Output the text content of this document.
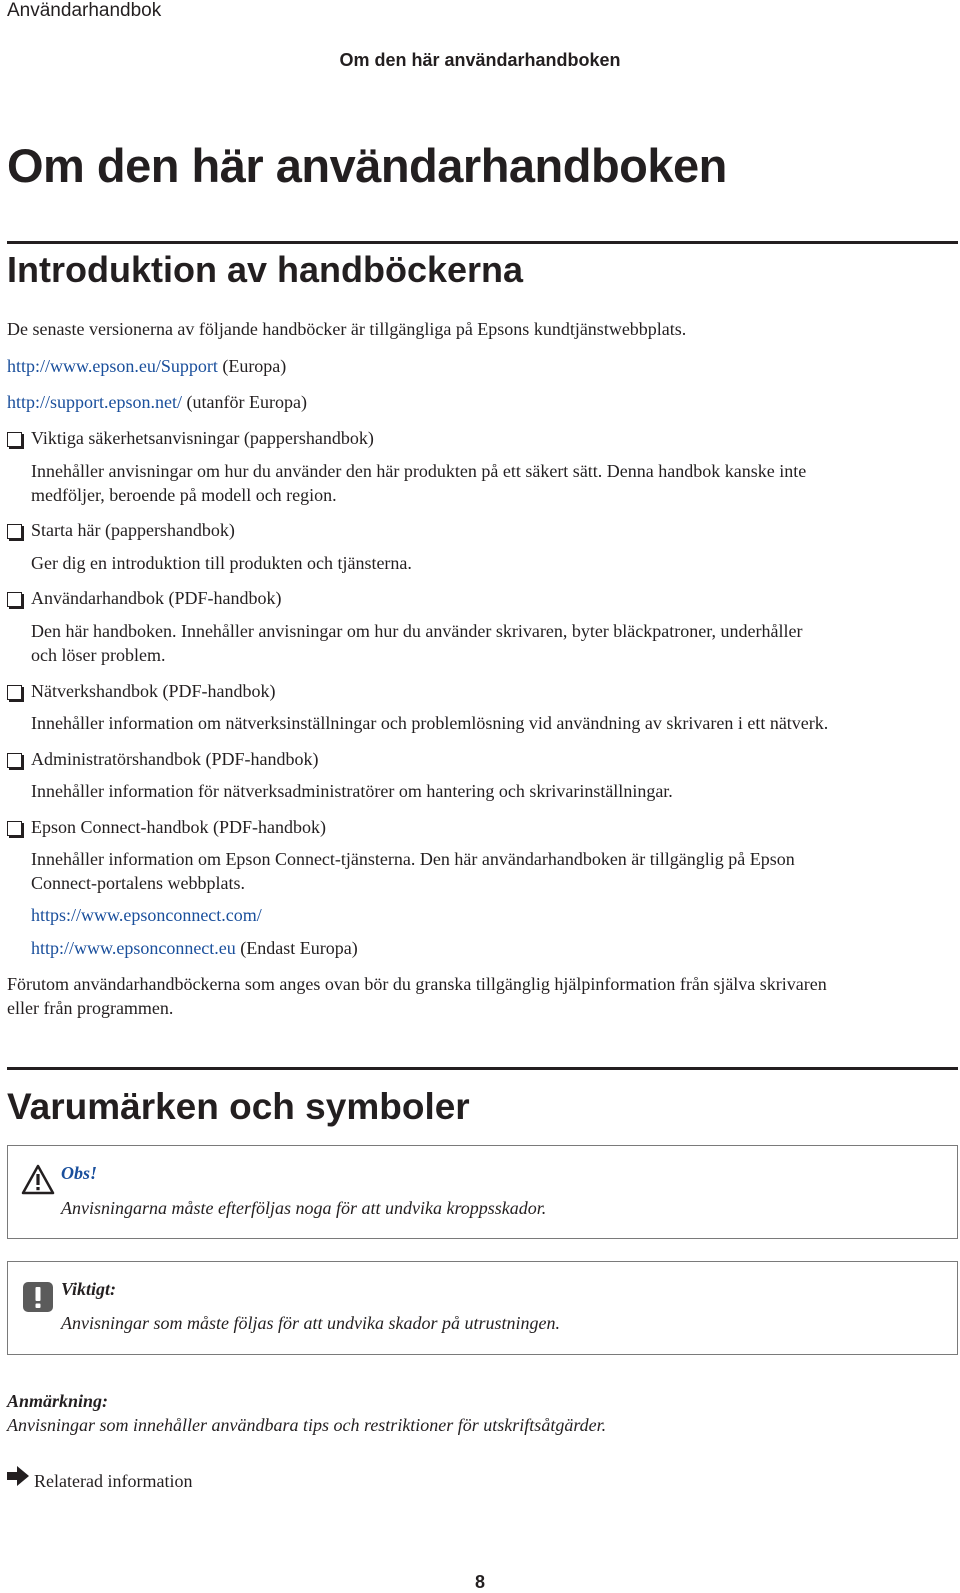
Användarhandbok
Om den här användarhandboken
Om den här användarhandboken
Introduktion av handböckerna
De senaste versionerna av följande handböcker är tillgängliga på Epsons kundtjänstwebbplats.
http://www.epson.eu/Support (Europa)
http://support.epson.net/ (utanför Europa)
Viktiga säkerhetsanvisningar (pappershandbok)
Innehåller anvisningar om hur du använder den här produkten på ett säkert sätt. Denna handbok kanske inte
medföljer, beroende på modell och region.
Starta här (pappershandbok)
Ger dig en introduktion till produkten och tjänsterna.
Användarhandbok (PDF-handbok)
Den här handboken. Innehåller anvisningar om hur du använder skrivaren, byter bläckpatroner, underhåller
och löser problem.
Nätverkshandbok (PDF-handbok)
Innehåller information om nätverksinställningar och problemlösning vid användning av skrivaren i ett nätverk.
Administratörshandbok (PDF-handbok)
Innehåller information för nätverksadministratörer om hantering och skrivarinställningar.
Epson Connect-handbok (PDF-handbok)
Innehåller information om Epson Connect-tjänsterna. Den här användarhandboken är tillgänglig på Epson
Connect-portalens webbplats.
https://www.epsonconnect.com/
http://www.epsonconnect.eu (Endast Europa)
Förutom användarhandböckerna som anges ovan bör du granska tillgänglig hjälpinformation från själva skrivaren
eller från programmen.
Varumärken och symboler
Obs!
Anvisningarna måste efterföljas noga för att undvika kroppsskador.
Viktigt:
Anvisningar som måste följas för att undvika skador på utrustningen.
Anmärkning:
Anvisningar som innehåller användbara tips och restriktioner för utskriftsåtgärder.
Relaterad information
8
